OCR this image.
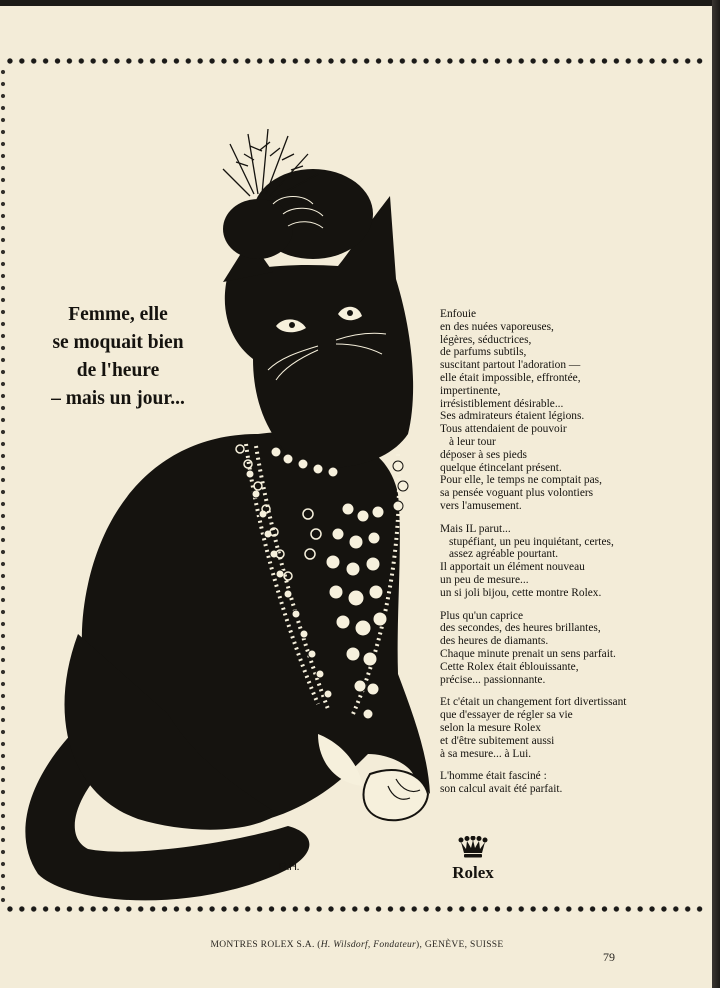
Femme, elle
se moquait bien
de l'heure
– mais un jour...
R.H.
Enfouie
en des nuées vaporeuses,
légères, séductrices,
de parfums subtils,
suscitant partout l'adoration —
elle était impossible, effrontée,
impertinente,
irrésistiblement désirable...
Ses admirateurs étaient légions.
Tous attendaient de pouvoir
à leur tour
déposer à ses pieds
quelque étincelant présent.
Pour elle, le temps ne comptait pas,
sa pensée voguant plus volontiers
vers l'amusement.
Mais IL parut...
stupéfiant, un peu inquiétant, certes,
assez agréable pourtant.
Il apportait un élément nouveau
un peu de mesure...
un si joli bijou, cette montre Rolex.
Plus qu'un caprice
des secondes, des heures brillantes,
des heures de diamants.
Chaque minute prenait un sens parfait.
Cette Rolex était éblouissante,
précise... passionnante.
Et c'était un changement fort divertissant
que d'essayer de régler sa vie
selon la mesure Rolex
et d'être subitement aussi
à sa mesure... à Lui.
L'homme était fasciné :
son calcul avait été parfait.
Rolex
MONTRES ROLEX S.A. (H. Wilsdorf, Fondateur), GENÈVE, SUISSE
79
